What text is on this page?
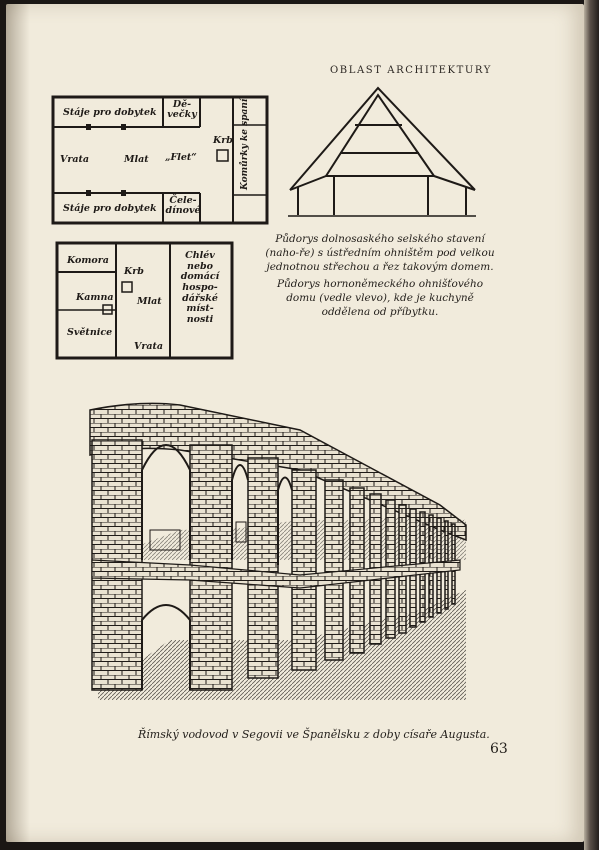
OBLAST ARCHITEKTURY
Stáje pro dobytek
Dě-
večky
Vrata	Mlat „Flet“
Krb Komůrky ke spaní
Stáje pro dobytek
Čele-
dínové
Komora
Krb
Kamna Mlat
Světnice
Vrata
Chlév
nebo
domácí
hospo-
dářské
míst-
nosti

Půdorys dolnosaského selského stavení (naho-ře) s ústředním ohništěm pod velkou jednotnou střechou a řez takovým domem.

Půdorys hornoněmeckého ohnišťového domu (vedle vlevo), kde je kuchyně oddělena od příbytku.

Římský vodovod v Segovii ve Španělsku z doby císaře Augusta.
63
